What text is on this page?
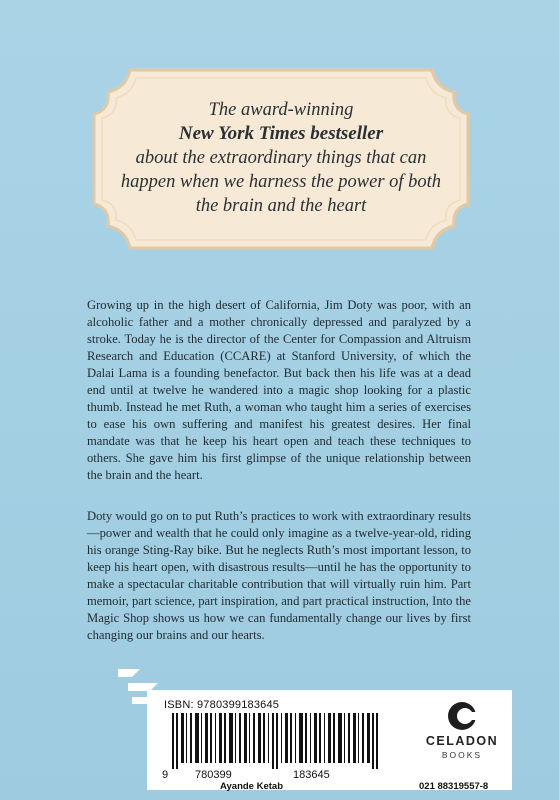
The award-winning
New York Times bestseller
about the extraordinary things that can
happen when we harness the power of both
the brain and the heart

Growing up in the high desert of California, Jim Doty was poor, with an alcoholic father and a mother chronically depressed and paralyzed by a stroke. Today he is the director of the Center for Compassion and Altruism Research and Education (CCARE) at Stanford University, of which the Dalai Lama is a founding benefactor. But back then his life was at a dead end until at twelve he wandered into a magic shop looking for a plastic thumb. Instead he met Ruth, a woman who taught him a series of exercises to ease his own suffering and manifest his greatest desires. Her final mandate was that he keep his heart open and teach these techniques to others. She gave him his first glimpse of the unique relationship between the brain and the heart.

Doty would go on to put Ruth’s practices to work with extraordinary results—power and wealth that he could only imagine as a twelve-year-old, riding his orange Sting-Ray bike. But he neglects Ruth’s most important lesson, to keep his heart open, with disastrous results—until he has the opportunity to make a spectacular charitable contribution that will virtually ruin him. Part memoir, part science, part inspiration, and part practical instruction, Into the Magic Shop shows us how we can fundamentally change our lives by first changing our brains and our hearts.

ISBN: 9780399183645
9 780399	183645
CELADON
BOOKS
Ayande Ketab	021 88319557-8
